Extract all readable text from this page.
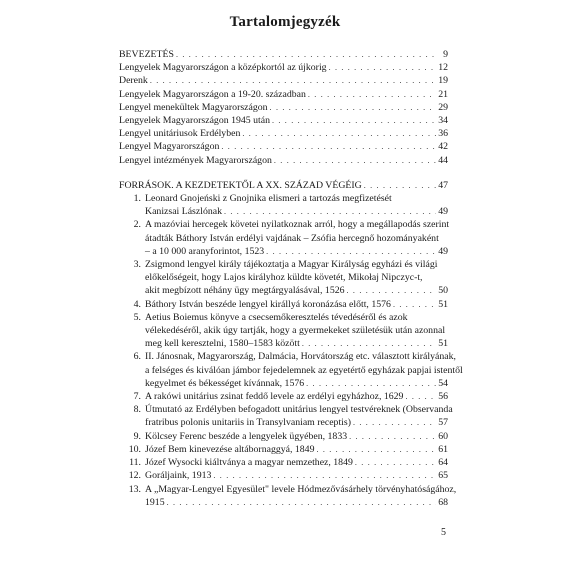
Tartalomjegyzék
BEVEZETÉS . . .	9
Lengyelek Magyarországon a középkortól az újkorig . . .	12
Derenk . . .	19
Lengyelek Magyarországon a 19-20. században . . .	21
Lengyel menekültek Magyarországon . . .	29
Lengyelek Magyarországon 1945 után . . .	34
Lengyel unitáriusok Erdélyben . . .	36
Lengyel Magyarországon . . .	42
Lengyel intézmények Magyarországon . . .	44
FORRÁSOK. A KEZDETEKTŐL A XX. SZÁZAD VÉGÉIG . . .	47
1. Leonard Gnojeński z Gnojnika elismeri a tartozás megfizetését
Kanizsai Lászlónak . . .	49
2. A mazóviai hercegek követei nyilatkoznak arról, hogy a megállapodás szerint
átadták Báthory István erdélyi vajdának – Zsófia hercegnő hozományaként
– a 10 000 aranyforintot, 1523 . . .	49
3. Zsigmond lengyel király tájékoztatja a Magyar Királyság egyházi és világi
előkelőségeit, hogy Lajos királyhoz küldte követét, Mikołaj Nipczyc-t,
akit megbízott néhány ügy megtárgyalásával, 1526 . . .	50
4. Báthory István beszéde lengyel királlyá koronázása előtt, 1576 . . .	51
5. Aetius Boiemus könyve a csecsemőkeresztelés tévedéséről és azok
vélekedéséről, akik úgy tartják, hogy a gyermekeket születésük után azonnal
meg kell keresztelni, 1580–1583 között . . .	51
6. II. Jánosnak, Magyarország, Dalmácia, Horvátország etc. választott királyának,
a felséges és kiválóan jámbor fejedelemnek az egyetértő egyházak papjai istentől
kegyelmet és békességet kívánnak, 1576 . . .	54
7. A rakówi unitárius zsinat feddő levele az erdélyi egyházhoz, 1629 . . .	56
8. Útmutató az Erdélyben befogadott unitárius lengyel testvéreknek (Observanda
fratribus polonis unitariis in Transylvaniam receptis) . . .	57
9. Kölcsey Ferenc beszéde a lengyelek ügyében, 1833 . . .	60
10. Józef Bem kinevezése altábornaggyá, 1849 . . .	61
11. Józef Wysocki kiáltványa a magyar nemzethez, 1849 . . .	64
12. Goráljaink, 1913 . . .	65
13. A „Magyar-Lengyel Egyesület" levele Hódmezővásárhely törvényhatóságához,
1915 . . .	68
5
